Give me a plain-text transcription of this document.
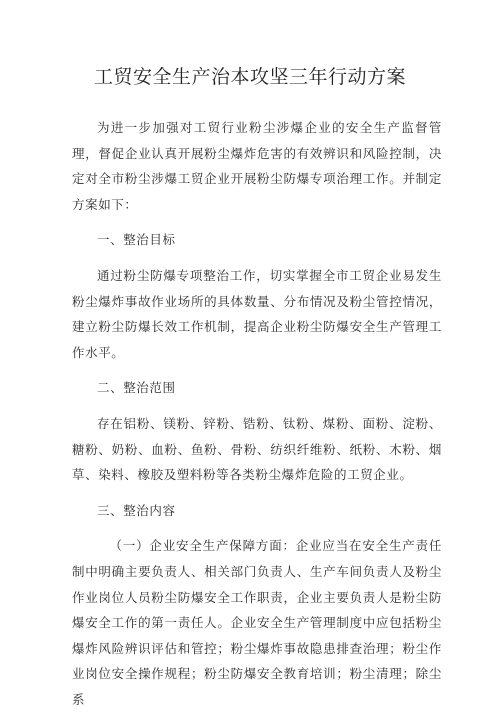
工贸安全生产治本攻坚三年行动方案

为进一步加强对工贸行业粉尘涉爆企业的安全生产监督管理，督促企业认真开展粉尘爆炸危害的有效辨识和风险控制，决定对全市粉尘涉爆工贸企业开展粉尘防爆专项治理工作。并制定方案如下：

一、整治目标

通过粉尘防爆专项整治工作，切实掌握全市工贸企业易发生粉尘爆炸事故作业场所的具体数量、分布情况及粉尘管控情况，建立粉尘防爆长效工作机制，提高企业粉尘防爆安全生产管理工作水平。

二、整治范围

存在铝粉、镁粉、锌粉、锆粉、钛粉、煤粉、面粉、淀粉、糖粉、奶粉、血粉、鱼粉、骨粉、纺织纤维粉、纸粉、木粉、烟草、染料、橡胶及塑料粉等各类粉尘爆炸危险的工贸企业。

三、整治内容

（一）企业安全生产保障方面：企业应当在安全生产责任制中明确主要负责人、相关部门负责人、生产车间负责人及粉尘作业岗位人员粉尘防爆安全工作职责，企业主要负责人是粉尘防爆安全工作的第一责任人。企业安全生产管理制度中应包括粉尘爆炸风险辨识评估和管控；粉尘爆炸事故隐患排查治理；粉尘作业岗位安全操作规程；粉尘防爆安全教育培训；粉尘清理；除尘系
